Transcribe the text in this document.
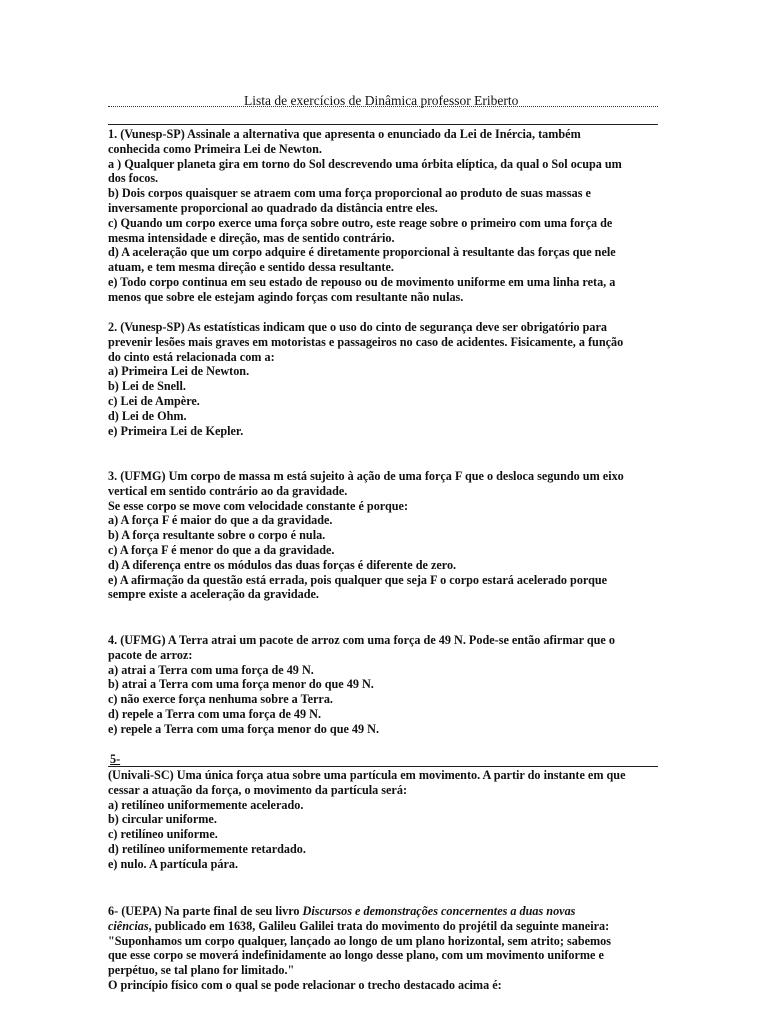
Lista de exercícios de Dinâmica professor Eriberto
1. (Vunesp-SP) Assinale a alternativa que apresenta o enunciado da Lei de Inércia, também
conhecida como Primeira Lei de Newton.
a ) Qualquer planeta gira em torno do Sol descrevendo uma órbita elíptica, da qual o Sol ocupa um
dos focos.
b) Dois corpos quaisquer se atraem com uma força proporcional ao produto de suas massas e
inversamente proporcional ao quadrado da distância entre eles.
c) Quando um corpo exerce uma força sobre outro, este reage sobre o primeiro com uma força de
mesma intensidade e direção, mas de sentido contrário.
d) A aceleração que um corpo adquire é diretamente proporcional à resultante das forças que nele
atuam, e tem mesma direção e sentido dessa resultante.
e) Todo corpo continua em seu estado de repouso ou de movimento uniforme em uma linha reta, a
menos que sobre ele estejam agindo forças com resultante não nulas.
2. (Vunesp-SP) As estatísticas indicam que o uso do cinto de segurança deve ser obrigatório para
prevenir lesões mais graves em motoristas e passageiros no caso de acidentes. Fisicamente, a função
do cinto está relacionada com a:
a) Primeira Lei de Newton.
b) Lei de Snell.
c) Lei de Ampère.
d) Lei de Ohm.
e) Primeira Lei de Kepler.
3. (UFMG) Um corpo de massa m está sujeito à ação de uma força F que o desloca segundo um eixo
vertical em sentido contrário ao da gravidade.
Se esse corpo se move com velocidade constante é porque:
a) A força F é maior do que a da gravidade.
b) A força resultante sobre o corpo é nula.
c) A força F é menor do que a da gravidade.
d) A diferença entre os módulos das duas forças é diferente de zero.
e) A afirmação da questão está errada, pois qualquer que seja F o corpo estará acelerado porque
sempre existe a aceleração da gravidade.
4. (UFMG) A Terra atrai um pacote de arroz com uma força de 49 N. Pode-se então afirmar que o
pacote de arroz:
a) atrai a Terra com uma força de 49 N.
b) atrai a Terra com uma força menor do que 49 N.
c) não exerce força nenhuma sobre a Terra.
d) repele a Terra com uma força de 49 N.
e) repele a Terra com uma força menor do que 49 N.
5-
(Univali-SC) Uma única força atua sobre uma partícula em movimento. A partir do instante em que
cessar a atuação da força, o movimento da partícula será:
a) retilíneo uniformemente acelerado.
b) circular uniforme.
c) retilíneo uniforme.
d) retilíneo uniformemente retardado.
e) nulo. A partícula pára.
6- (UEPA) Na parte final de seu livro Discursos e demonstrações concernentes a duas novas
ciências, publicado em 1638, Galileu Galilei trata do movimento do projétil da seguinte maneira:
"Suponhamos um corpo qualquer, lançado ao longo de um plano horizontal, sem atrito; sabemos
que esse corpo se moverá indefinidamente ao longo desse plano, com um movimento uniforme e
perpétuo, se tal plano for limitado."
O princípio físico com o qual se pode relacionar o trecho destacado acima é:
